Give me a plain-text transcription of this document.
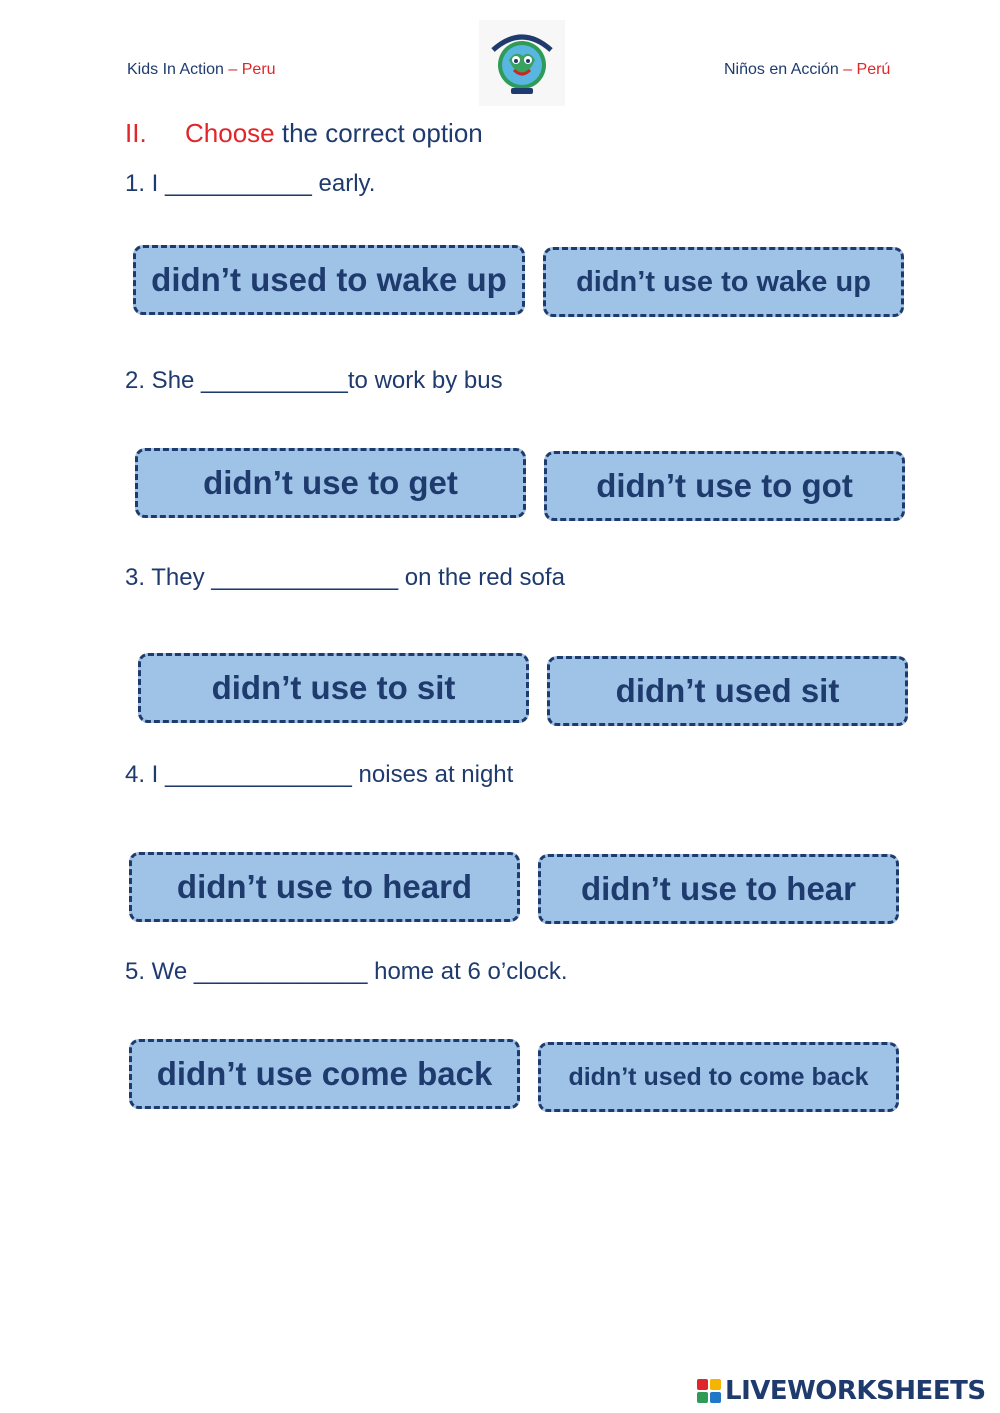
Kids In Action – Peru	Niños en Acción – Perú
II. Choose the correct option
1. I ___________ early.
didn’t used to wake up	didn’t use to wake up
2. She ___________to work by bus
didn’t use to get	didn’t use to got
3. They ______________ on the red sofa
didn’t use to sit	didn’t used sit
4. I ______________ noises at night
didn’t use to heard	didn’t use to hear
5. We _____________ home at 6 o’clock.
didn’t use come back	didn’t used to come back
LIVEWORKSHEETS
